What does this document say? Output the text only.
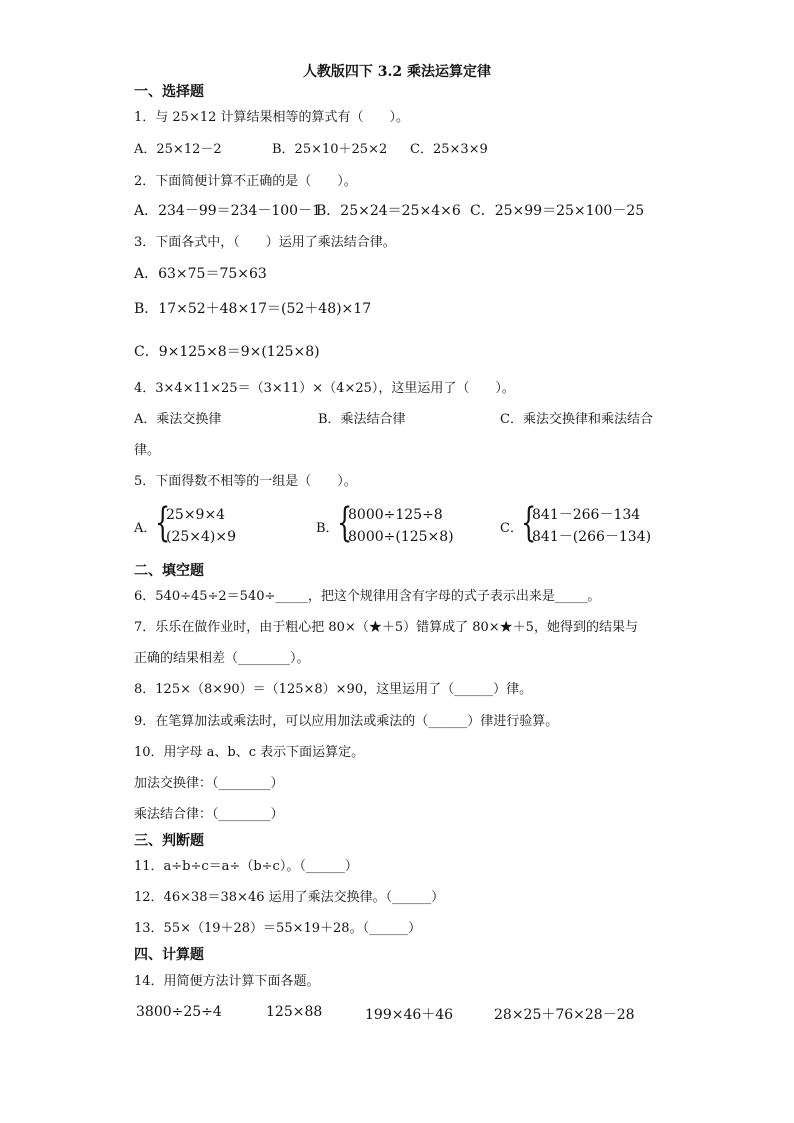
人教版四下 3.2 乘法运算定律
一、选择题
1．与 25×12 计算结果相等的算式有（　　）。
A．25×12－2	B．25×10＋25×2 C．25×3×9
2．下面简便计算不正确的是（　　）。
A．234－99＝234－100－1
B．25×24＝25×4×6 C．25×99＝25×100－25
3．下面各式中，（　　）运用了乘法结合律。
A．63×75＝75×63
B．17×52＋48×17＝(52＋48)×17
C．9×125×8＝9×(125×8)
4．3×4×11×25＝（3×11）×（4×25），这里运用了（　　）。
A．乘法交换律	B．乘法结合律	C．乘法交换律和乘法结合
律。
5．下面得数不相等的一组是（　　）。
A．
{
25×9×4
(25×4)×9
B．
{
8000÷125÷8
8000÷(125×8)
C．
{
841－266－134
841－(266－134)
二、填空题
6．540÷45÷2＝540÷_____，把这个规律用含有字母的式子表示出来是_____。
7．乐乐在做作业时，由于粗心把 80×（★＋5）错算成了 80×★＋5，她得到的结果与
正确的结果相差（________）。
8．125×（8×90）＝（125×8）×90，这里运用了（______）律。
9．在笔算加法或乘法时，可以应用加法或乘法的（______）律进行验算。
10．用字母 a、b、c 表示下面运算定。
加法交换律：（________）
乘法结合律：（________）
三、判断题
11．a÷b÷c＝a÷（b÷c）。（______）
12．46×38＝38×46 运用了乘法交换律。（______）
13．55×（19＋28）＝55×19＋28。（______）
四、计算题
14．用简便方法计算下面各题。
3800÷25÷4	125×88	199×46＋46	28×25＋76×28－28
